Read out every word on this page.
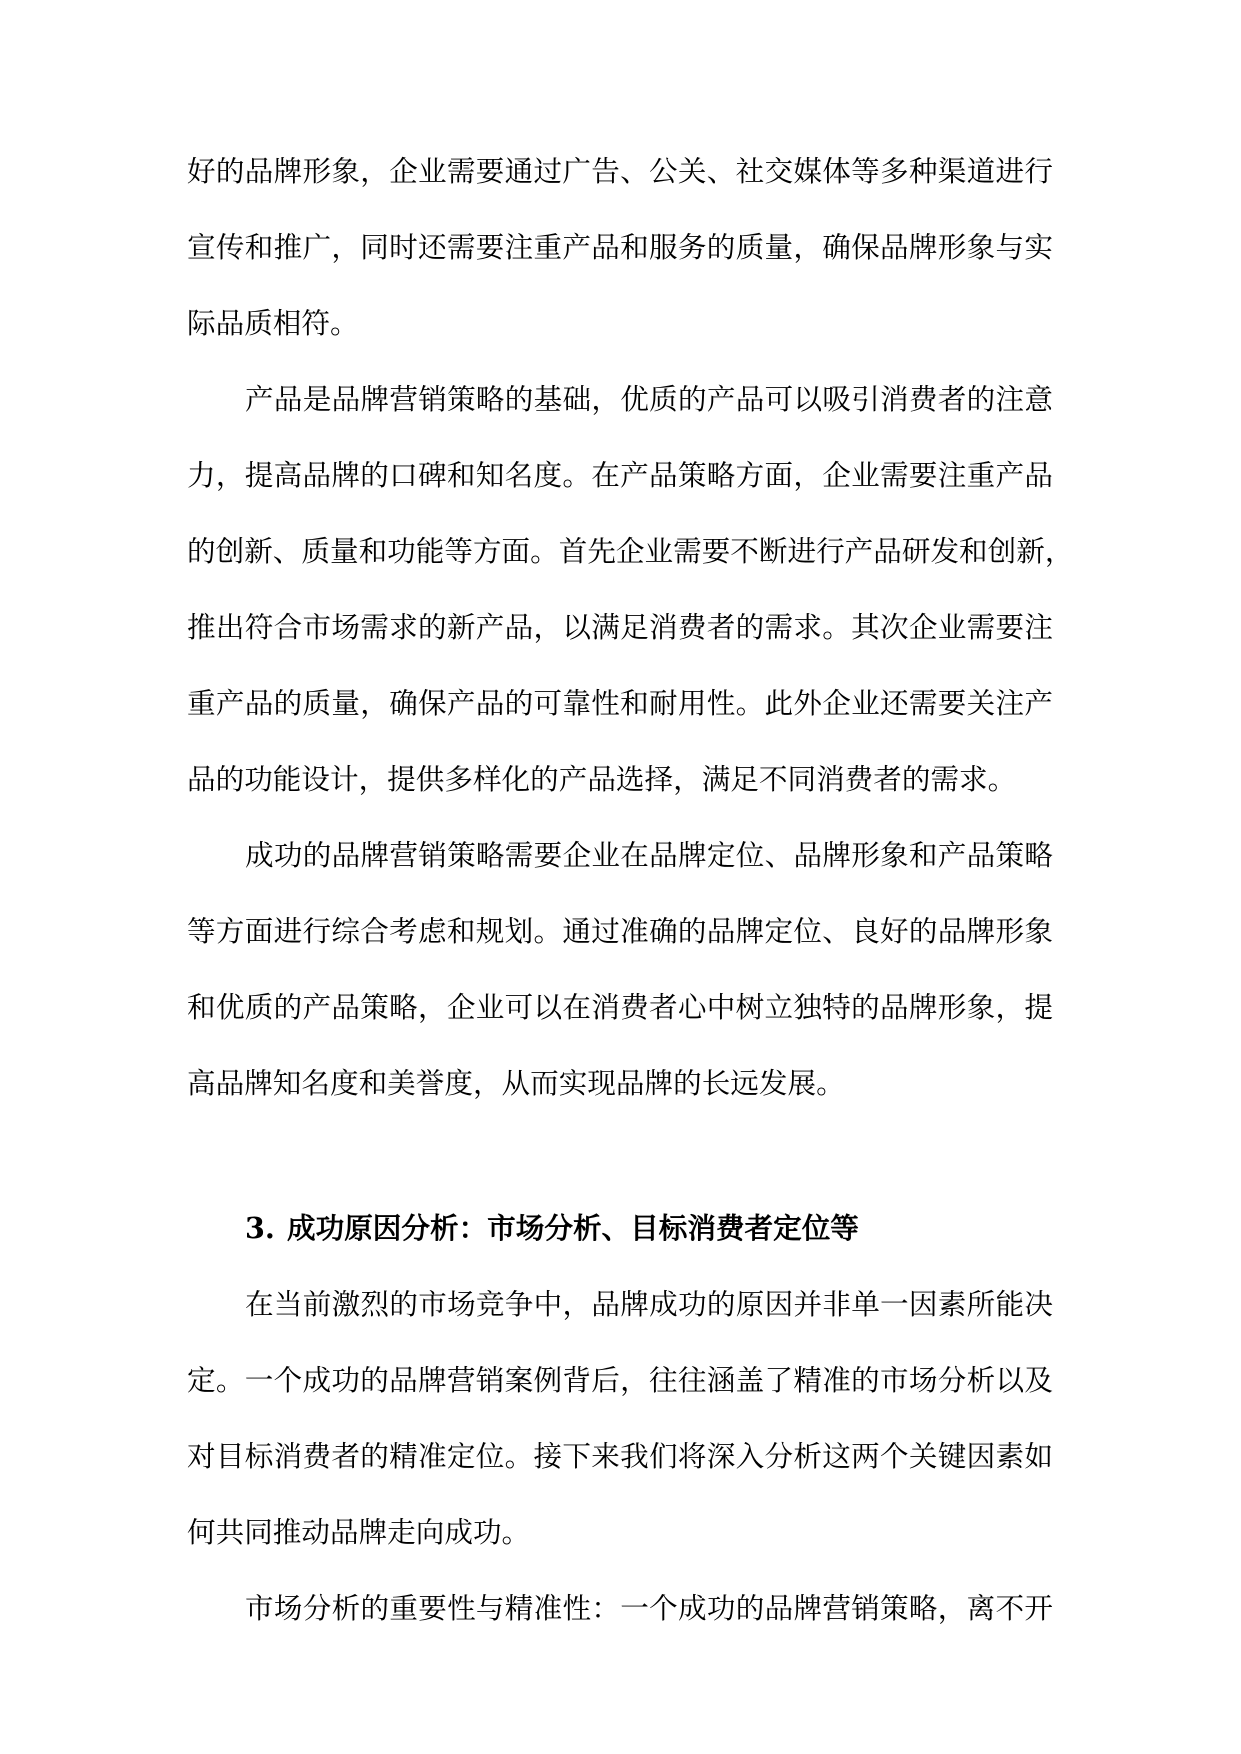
好的品牌形象，企业需要通过广告、公关、社交媒体等多种渠道进行
宣传和推广，同时还需要注重产品和服务的质量，确保品牌形象与实
际品质相符。
产品是品牌营销策略的基础，优质的产品可以吸引消费者的注意
力，提高品牌的口碑和知名度。在产品策略方面，企业需要注重产品
的创新、质量和功能等方面。首先企业需要不断进行产品研发和创新，
推出符合市场需求的新产品，以满足消费者的需求。其次企业需要注
重产品的质量，确保产品的可靠性和耐用性。此外企业还需要关注产
品的功能设计，提供多样化的产品选择，满足不同消费者的需求。
成功的品牌营销策略需要企业在品牌定位、品牌形象和产品策略
等方面进行综合考虑和规划。通过准确的品牌定位、良好的品牌形象
和优质的产品策略，企业可以在消费者心中树立独特的品牌形象，提
高品牌知名度和美誉度，从而实现品牌的长远发展。
3. 成功原因分析：市场分析、目标消费者定位等
在当前激烈的市场竞争中，品牌成功的原因并非单一因素所能决
定。一个成功的品牌营销案例背后，往往涵盖了精准的市场分析以及
对目标消费者的精准定位。接下来我们将深入分析这两个关键因素如
何共同推动品牌走向成功。
市场分析的重要性与精准性：一个成功的品牌营销策略，离不开
